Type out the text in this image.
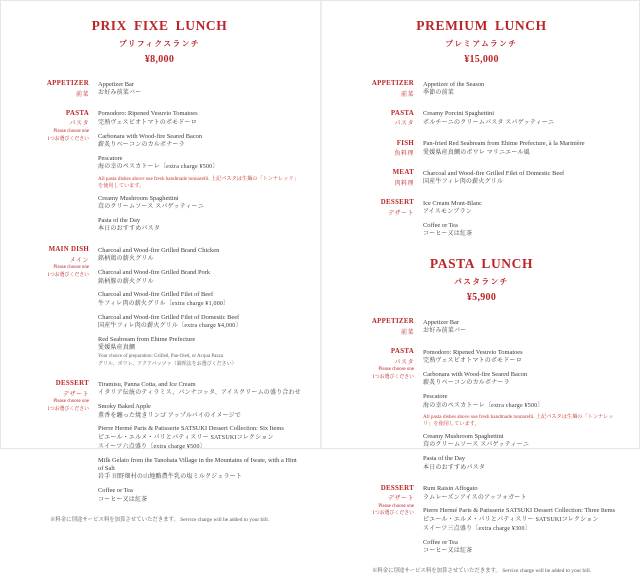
PRIX FIXE LUNCH
プリフィクスランチ
¥8,000
APPETIZER
前菜
Appetizer Bar
お好み前菜バー
PASTA
パスタ
Please choose one
1つお選びください
Pomodoro: Ripened Vesuvio Tomatoes
完熟ヴェスビオトマトのポモドーロ
Carbonara with Wood-fire Seared Bacon
薪炙りベーコンのカルボナーラ
Pescatore
海の幸のペスカトーレ〔extra charge ¥500〕
All pasta dishes above use fresh handmade tonnarelli. 上記パスタは生麺の「トンナレッリ」を使用しています。
Creamy Mushroom Spaghettini
茸のクリームソース スパゲッティーニ
Pasta of the Day
本日のおすすめパスタ
MAIN DISH
メイン
Please choose one
1つお選びください
Charcoal and Wood-fire Grilled Brand Chicken
銘柄鶏の薪火グリル
Charcoal and Wood-fire Grilled Brand Pork
銘柄豚の薪火グリル
Charcoal and Wood-fire Grilled Filet of Beef
牛フィレ肉の薪火グリル〔extra charge ¥1,000〕
Charcoal and Wood-fire Grilled Filet of Domestic Beef
国産牛フィレ肉の薪火グリル〔extra charge ¥4,000〕
Red Seabream from Ehime Prefecture
愛媛県産真鯛
Your choice of preparation: Grilled, Pan-fried, or Acqua Pazza
グリル、ポワレ、アクアパッツァ（調理法をお選びください）
DESSERT
デザート
Please choose one
1つお選びください
Tiramisu, Panna Cotta, and Ice Cream
イタリア伝統のティラミス、パンナコッタ、アイスクリームの盛り合わせ
Smoky Baked Apple
薫香を纏った焼きリンゴ アップルパイのイメージで
Pierre Hermé Paris & Patisserie SATSUKI Dessert Collection: Six Items
ピエール・エルメ・パリとパティスリー SATSUKIコレクション
スイーツ六点盛り〔extra charge ¥500〕
Milk Gelato from the Tanohata Village in the Mountains of Iwate, with a Hint of Salt
岩手 田野畑村の山地酪農牛乳の塩ミルクジェラート
Coffee or Tea
コーヒー又は紅茶
※料金に別途サービス料を加算させていただきます。 Service charge will be added to your bill.
PREMIUM LUNCH
プレミアムランチ
¥15,000
APPETIZER
前菜
Appetizer of the Season
季節の前菜
PASTA
パスタ
Creamy Porcini Spaghettini
ポルチーニのクリームパスタ スパゲッティーニ
FISH
魚料理
Pan-fried Red Seabream from Ehime Prefecture, à la Marinière
愛媛県産真鯛のポワレ マリニエール風
MEAT
肉料理
Charcoal and Wood-fire Grilled Filet of Domestic Beef
国産牛フィレ肉の薪火グリル
DESSERT
デザート
Ice Cream Mont-Blanc
アイスモンブラン
Coffee or Tea
コーヒー又は紅茶
PASTA LUNCH
パスタランチ
¥5,900
APPETIZER
前菜
Appetizer Bar
お好み前菜バー
PASTA
パスタ
Please choose one
1つお選びください
Pomodoro: Ripened Vesuvio Tomatoes
完熟ヴェスビオトマトのポモドーロ
Carbonara with Wood-fire Seared Bacon
薪炙りベーコンのカルボナーラ
Pescatore
海の幸のペスカトーレ〔extra charge ¥500〕
All pasta dishes above use fresh handmade tonnarelli. 上記パスタは生麺の「トンナレッリ」を使用しています。
Creamy Mushroom Spaghettini
茸のクリームソース スパゲッティーニ
Pasta of the Day
本日のおすすめパスタ
DESSERT
デザート
Please choose one
1つお選びください
Rum Raisin Affogato
ラムレーズンアイスのアッフォガート
Pierre Hermé Paris & Patisserie SATSUKI Dessert Collection: Three Items
ピエール・エルメ・パリとパティスリー SATSUKIコレクション
スイーツ三点盛り〔extra charge ¥300〕
Coffee or Tea
コーヒー又は紅茶
※料金に別途サービス料を加算させていただきます。 Service charge will be added to your bill.
